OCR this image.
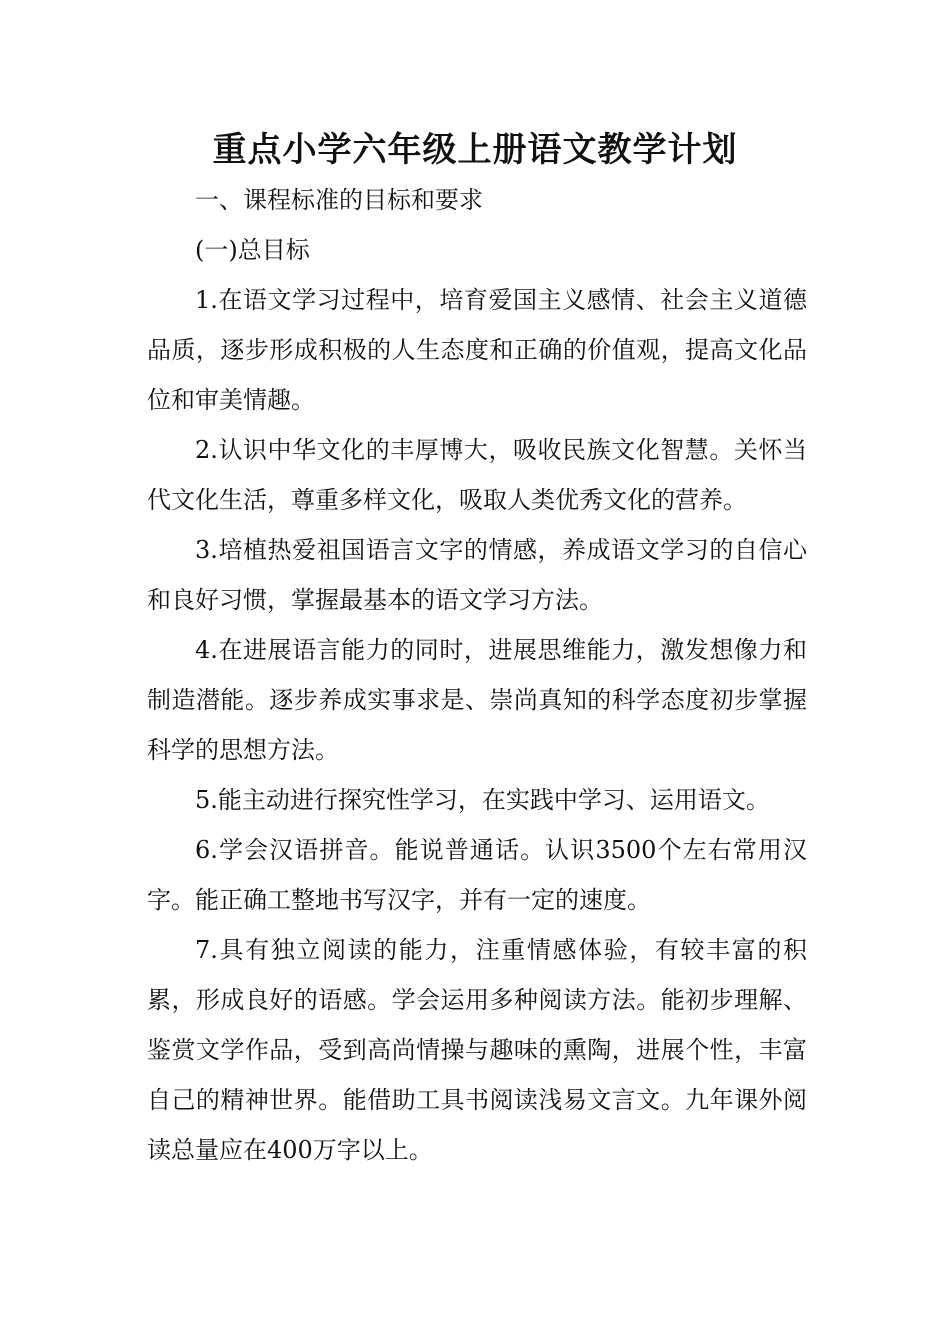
重点小学六年级上册语文教学计划

一、课程标准的目标和要求

(一)总目标

1.在语文学习过程中，培育爱国主义感情、社会主义道德品质，逐步形成积极的人生态度和正确的价值观，提高文化品位和审美情趣。

2.认识中华文化的丰厚博大，吸收民族文化智慧。关怀当代文化生活，尊重多样文化，吸取人类优秀文化的营养。

3.培植热爱祖国语言文字的情感，养成语文学习的自信心和良好习惯，掌握最基本的语文学习方法。

4.在进展语言能力的同时，进展思维能力，激发想像力和制造潜能。逐步养成实事求是、崇尚真知的科学态度初步掌握科学的思想方法。

5.能主动进行探究性学习，在实践中学习、运用语文。

6.学会汉语拼音。能说普通话。认识3500个左右常用汉字。能正确工整地书写汉字，并有一定的速度。

7.具有独立阅读的能力，注重情感体验，有较丰富的积累，形成良好的语感。学会运用多种阅读方法。能初步理解、鉴赏文学作品，受到高尚情操与趣味的熏陶，进展个性，丰富自己的精神世界。能借助工具书阅读浅易文言文。九年课外阅读总量应在400万字以上。
